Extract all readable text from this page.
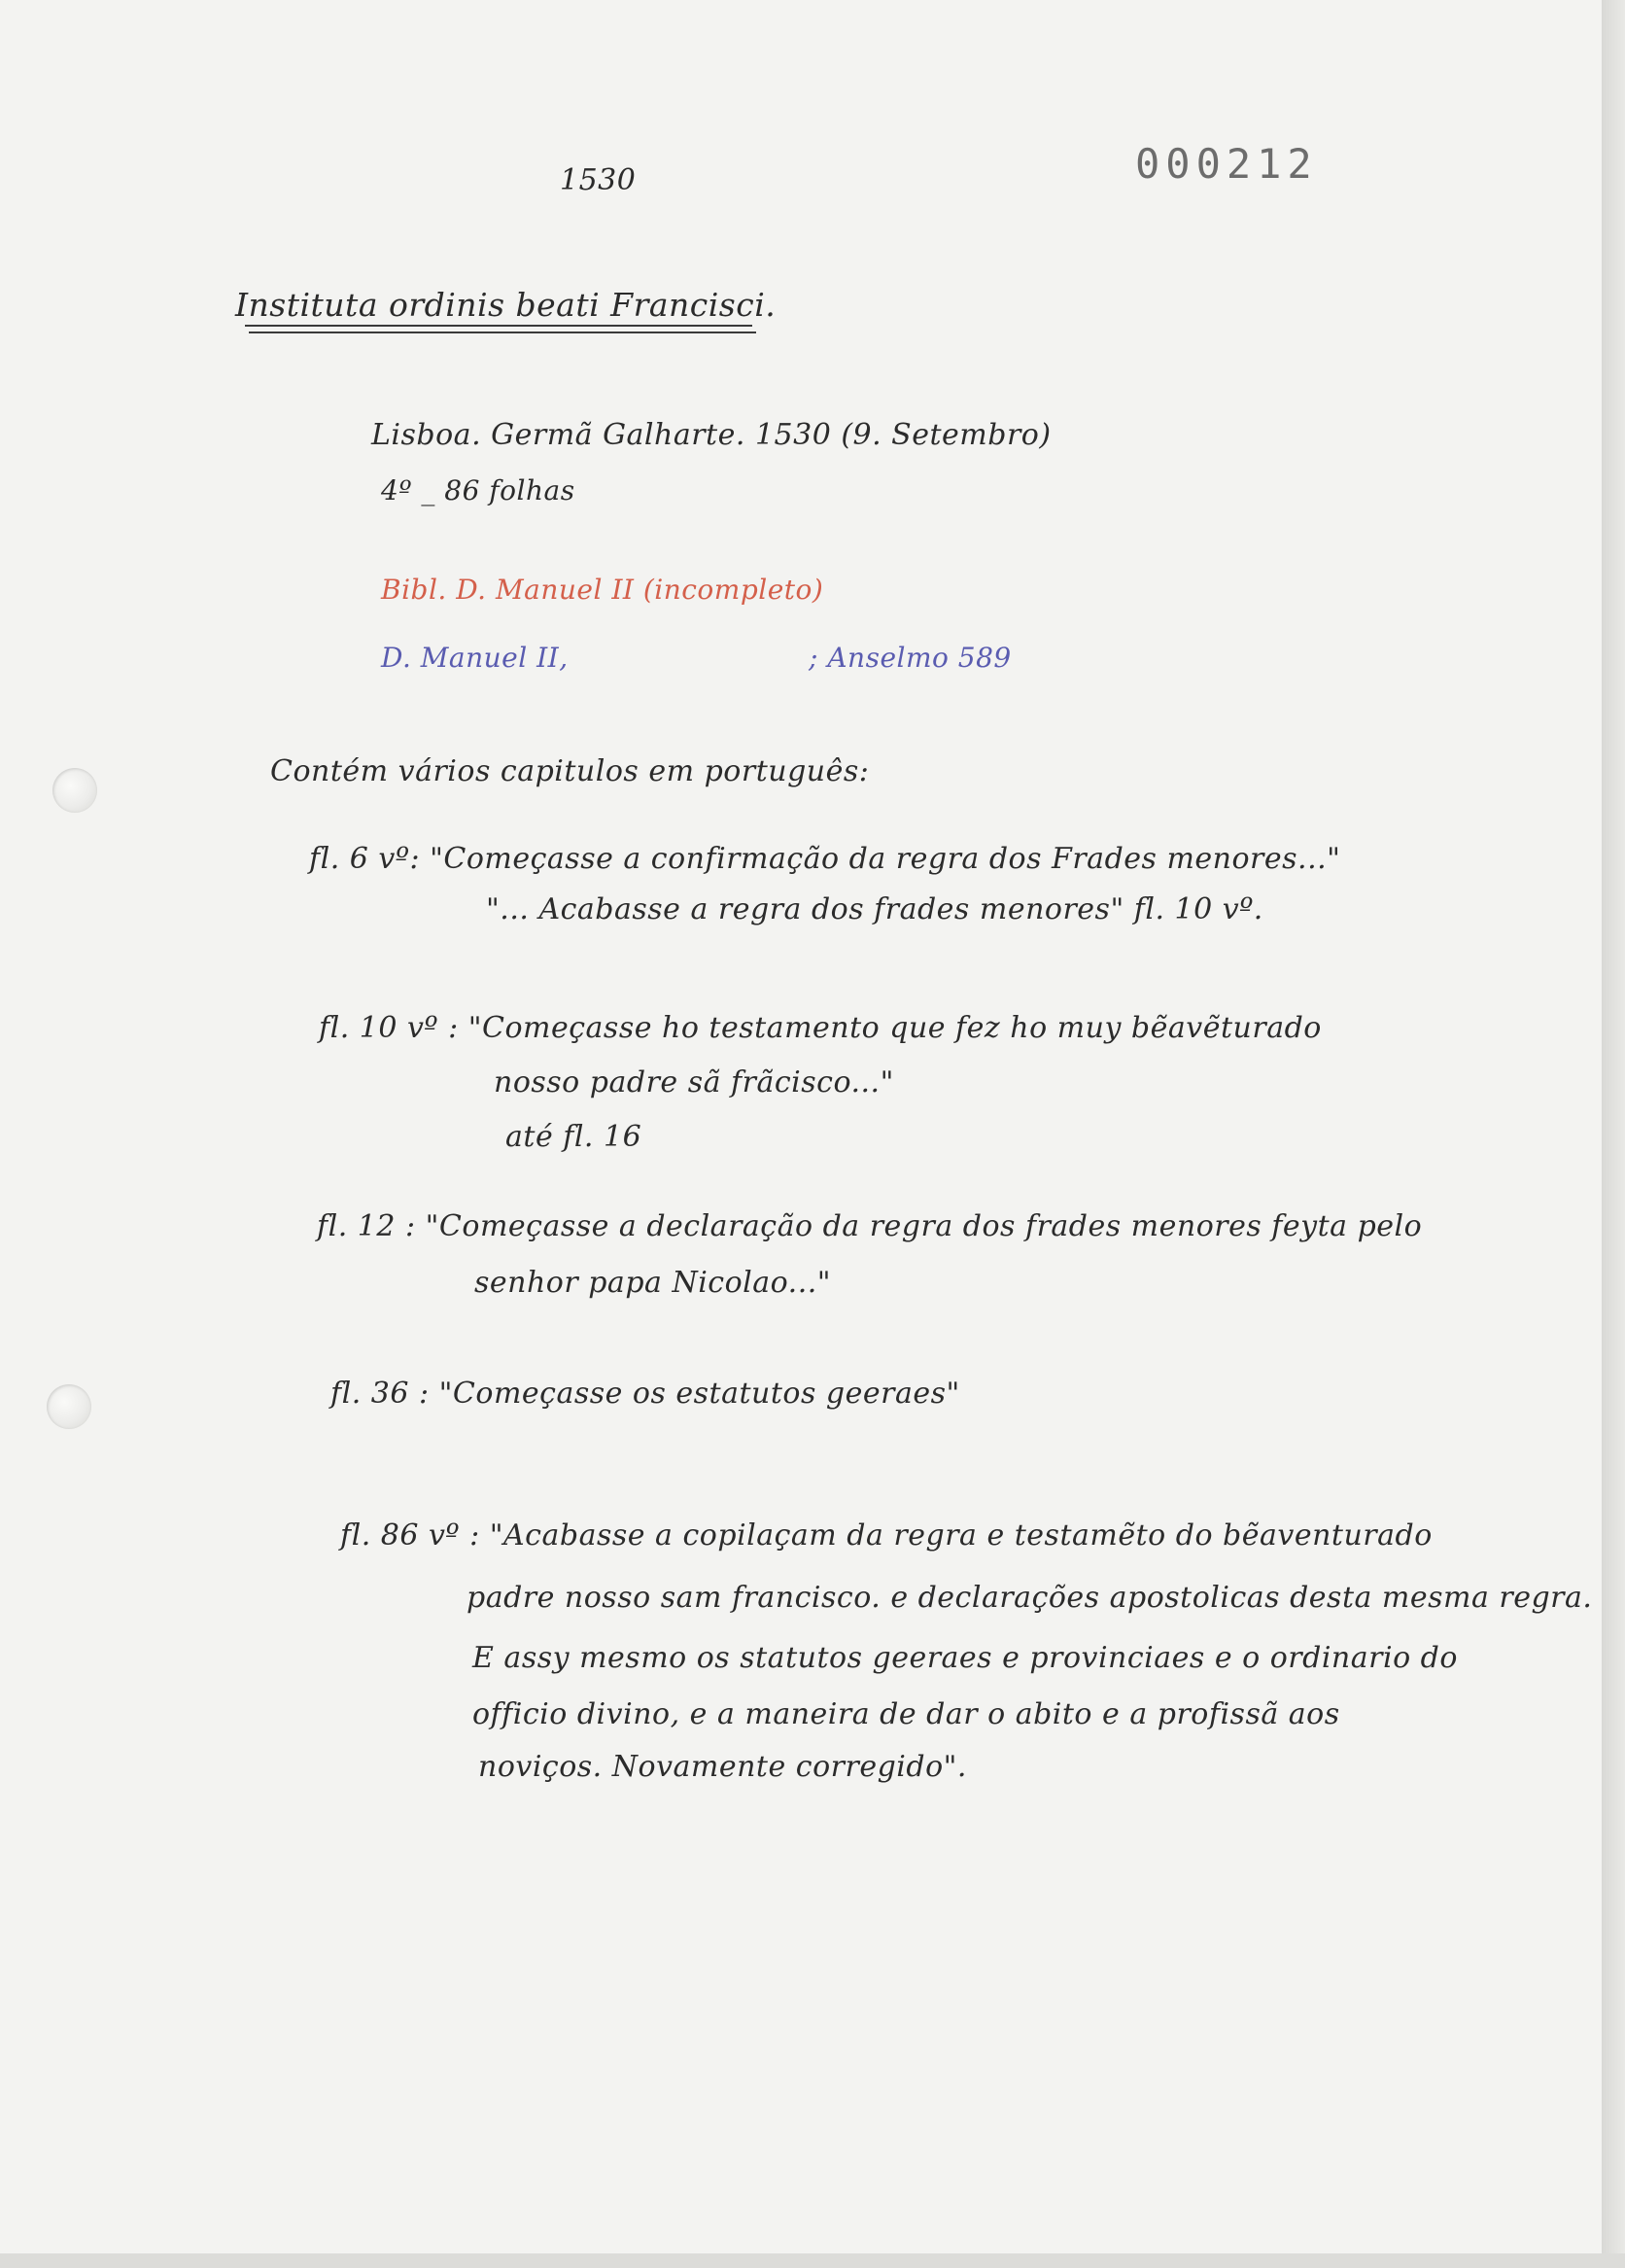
1530	000212
Instituta ordinis beati Francisci.
Lisboa. Germã Galharte. 1530 (9. Setembro)
4º _ 86 folhas
Bibl. D. Manuel II (incompleto)
D. Manuel II,	; Anselmo 589
Contém vários capitulos em português:
fl. 6 vº: "Começasse a confirmação da regra dos Frades menores..."
"... Acabasse a regra dos frades menores" fl. 10 vº.
fl. 10 vº : "Começasse ho testamento que fez ho muy bẽavẽturado
nosso padre sã frãcisco..."
até fl. 16
fl. 12 : "Começasse a declaração da regra dos frades menores feyta pelo
senhor papa Nicolao..."
fl. 36 : "Começasse os estatutos geeraes"
fl. 86 vº : "Acabasse a copilaçam da regra e testamẽto do bẽaventurado
padre nosso sam francisco. e declarações apostolicas desta mesma regra.
E assy mesmo os statutos geeraes e provinciaes e o ordinario do
officio divino, e a maneira de dar o abito e a profissã aos
noviços. Novamente corregido".
